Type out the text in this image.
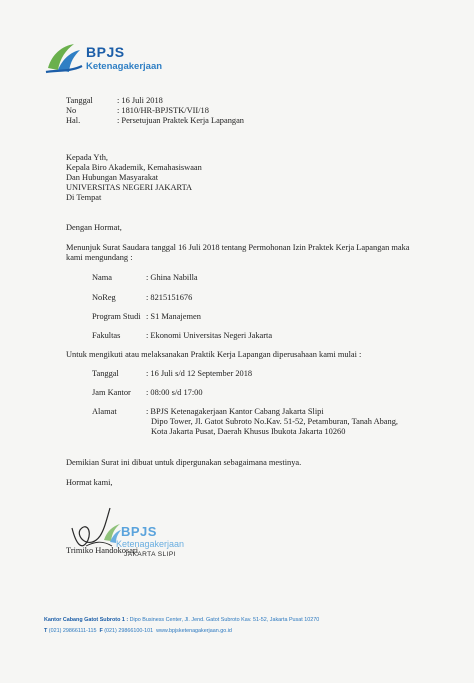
BPJS
Ketenagakerjaan
Tanggal	: 16 Juli 2018
No	: 1810/HR-BPJSTK/VII/18
Hal.	: Persetujuan Praktek Kerja Lapangan
Kepada Yth,
Kepala Biro Akademik, Kemahasiswaan
Dan Hubungan Masyarakat
UNIVERSITAS NEGERI JAKARTA
Di Tempat
Dengan Hormat,
Menunjuk Surat Saudara tanggal 16 Juli 2018 tentang Permohonan Izin Praktek Kerja Lapangan maka
kami mengundang :
Nama	: Ghina Nabilla
NoReg	: 8215151676
Program Studi : S1 Manajemen
Fakultas	: Ekonomi Universitas Negeri Jakarta
Untuk mengikuti atau melaksanakan Praktik Kerja Lapangan diperusahaan kami mulai :
Tanggal	: 16 Juli s/d 12 September 2018
Jam Kantor : 08:00 s/d 17:00
Alamat	: BPJS Ketenagakerjaan Kantor Cabang Jakarta Slipi
Dipo Tower, Jl. Gatot Subroto No.Kav. 51-52, Petamburan, Tanah Abang,
Kota Jakarta Pusat, Daerah Khusus Ibukota Jakarta 10260
Demikian Surat ini dibuat untuk dipergunakan sebagaimana mestinya.
Hormat kami,
BPJS
Ketenagakerjaan
JAKARTA SLIPI
Trimiko Handokosari
Kantor Cabang Gatot Subroto 1 : Dipo Business Center, Jl. Jend. Gatot Subroto Kav. 51-52, Jakarta Pusat 10270
T (021) 29866111-115 F (021) 29866100-101 www.bpjsketenagakerjaan.go.id
